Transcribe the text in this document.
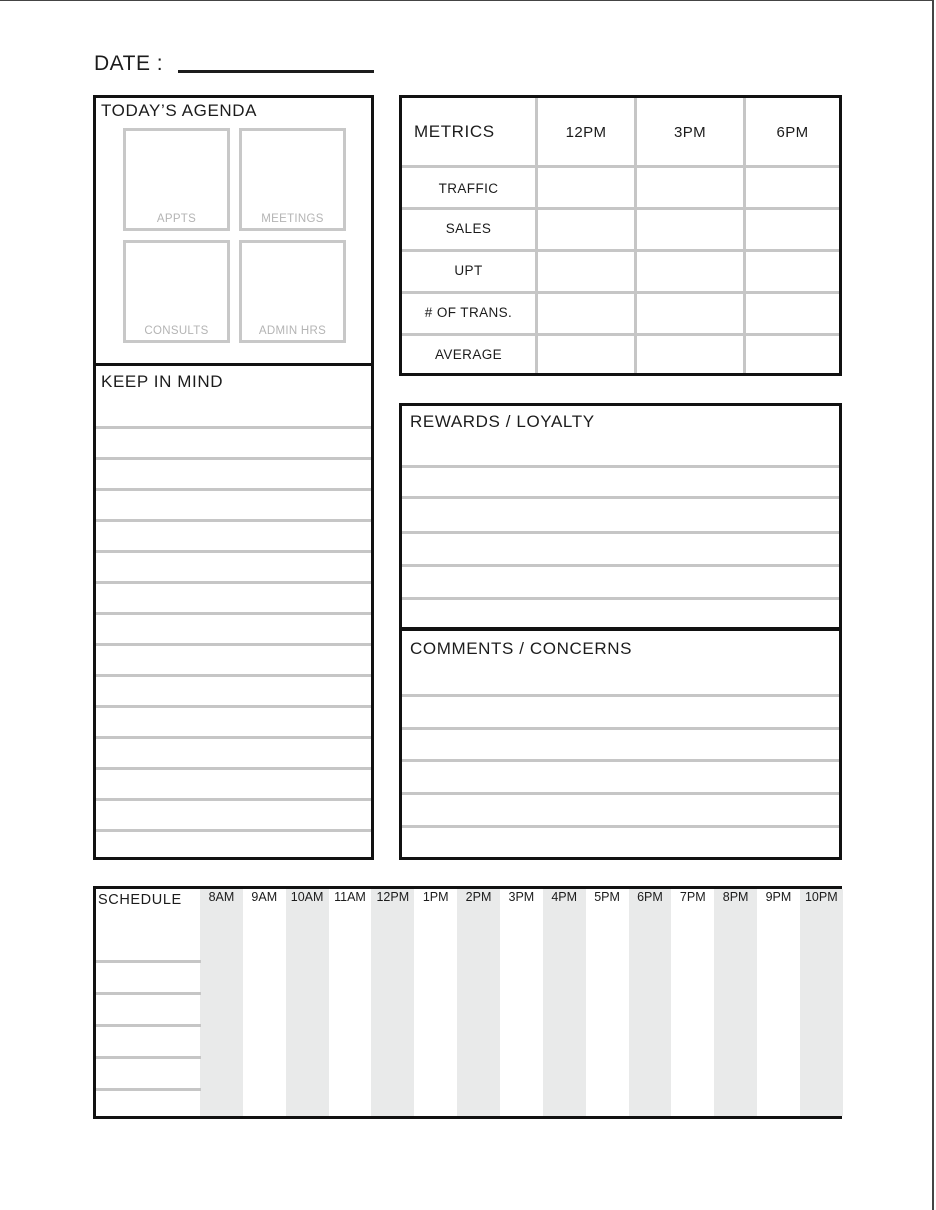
DATE :
TODAY’S AGENDA
APPTS	MEETINGS
CONSULTS	ADMIN HRS
KEEP IN MIND
METRICS	12PM	3PM	6PM
TRAFFIC
SALES
UPT
# OF TRANS.
AVERAGE
REWARDS / LOYALTY
COMMENTS / CONCERNS
SCHEDULE	8AM	9AM	10AM 11AM 12PM	1PM	2PM	3PM	4PM	5PM	6PM	7PM	8PM	9PM	10PM
